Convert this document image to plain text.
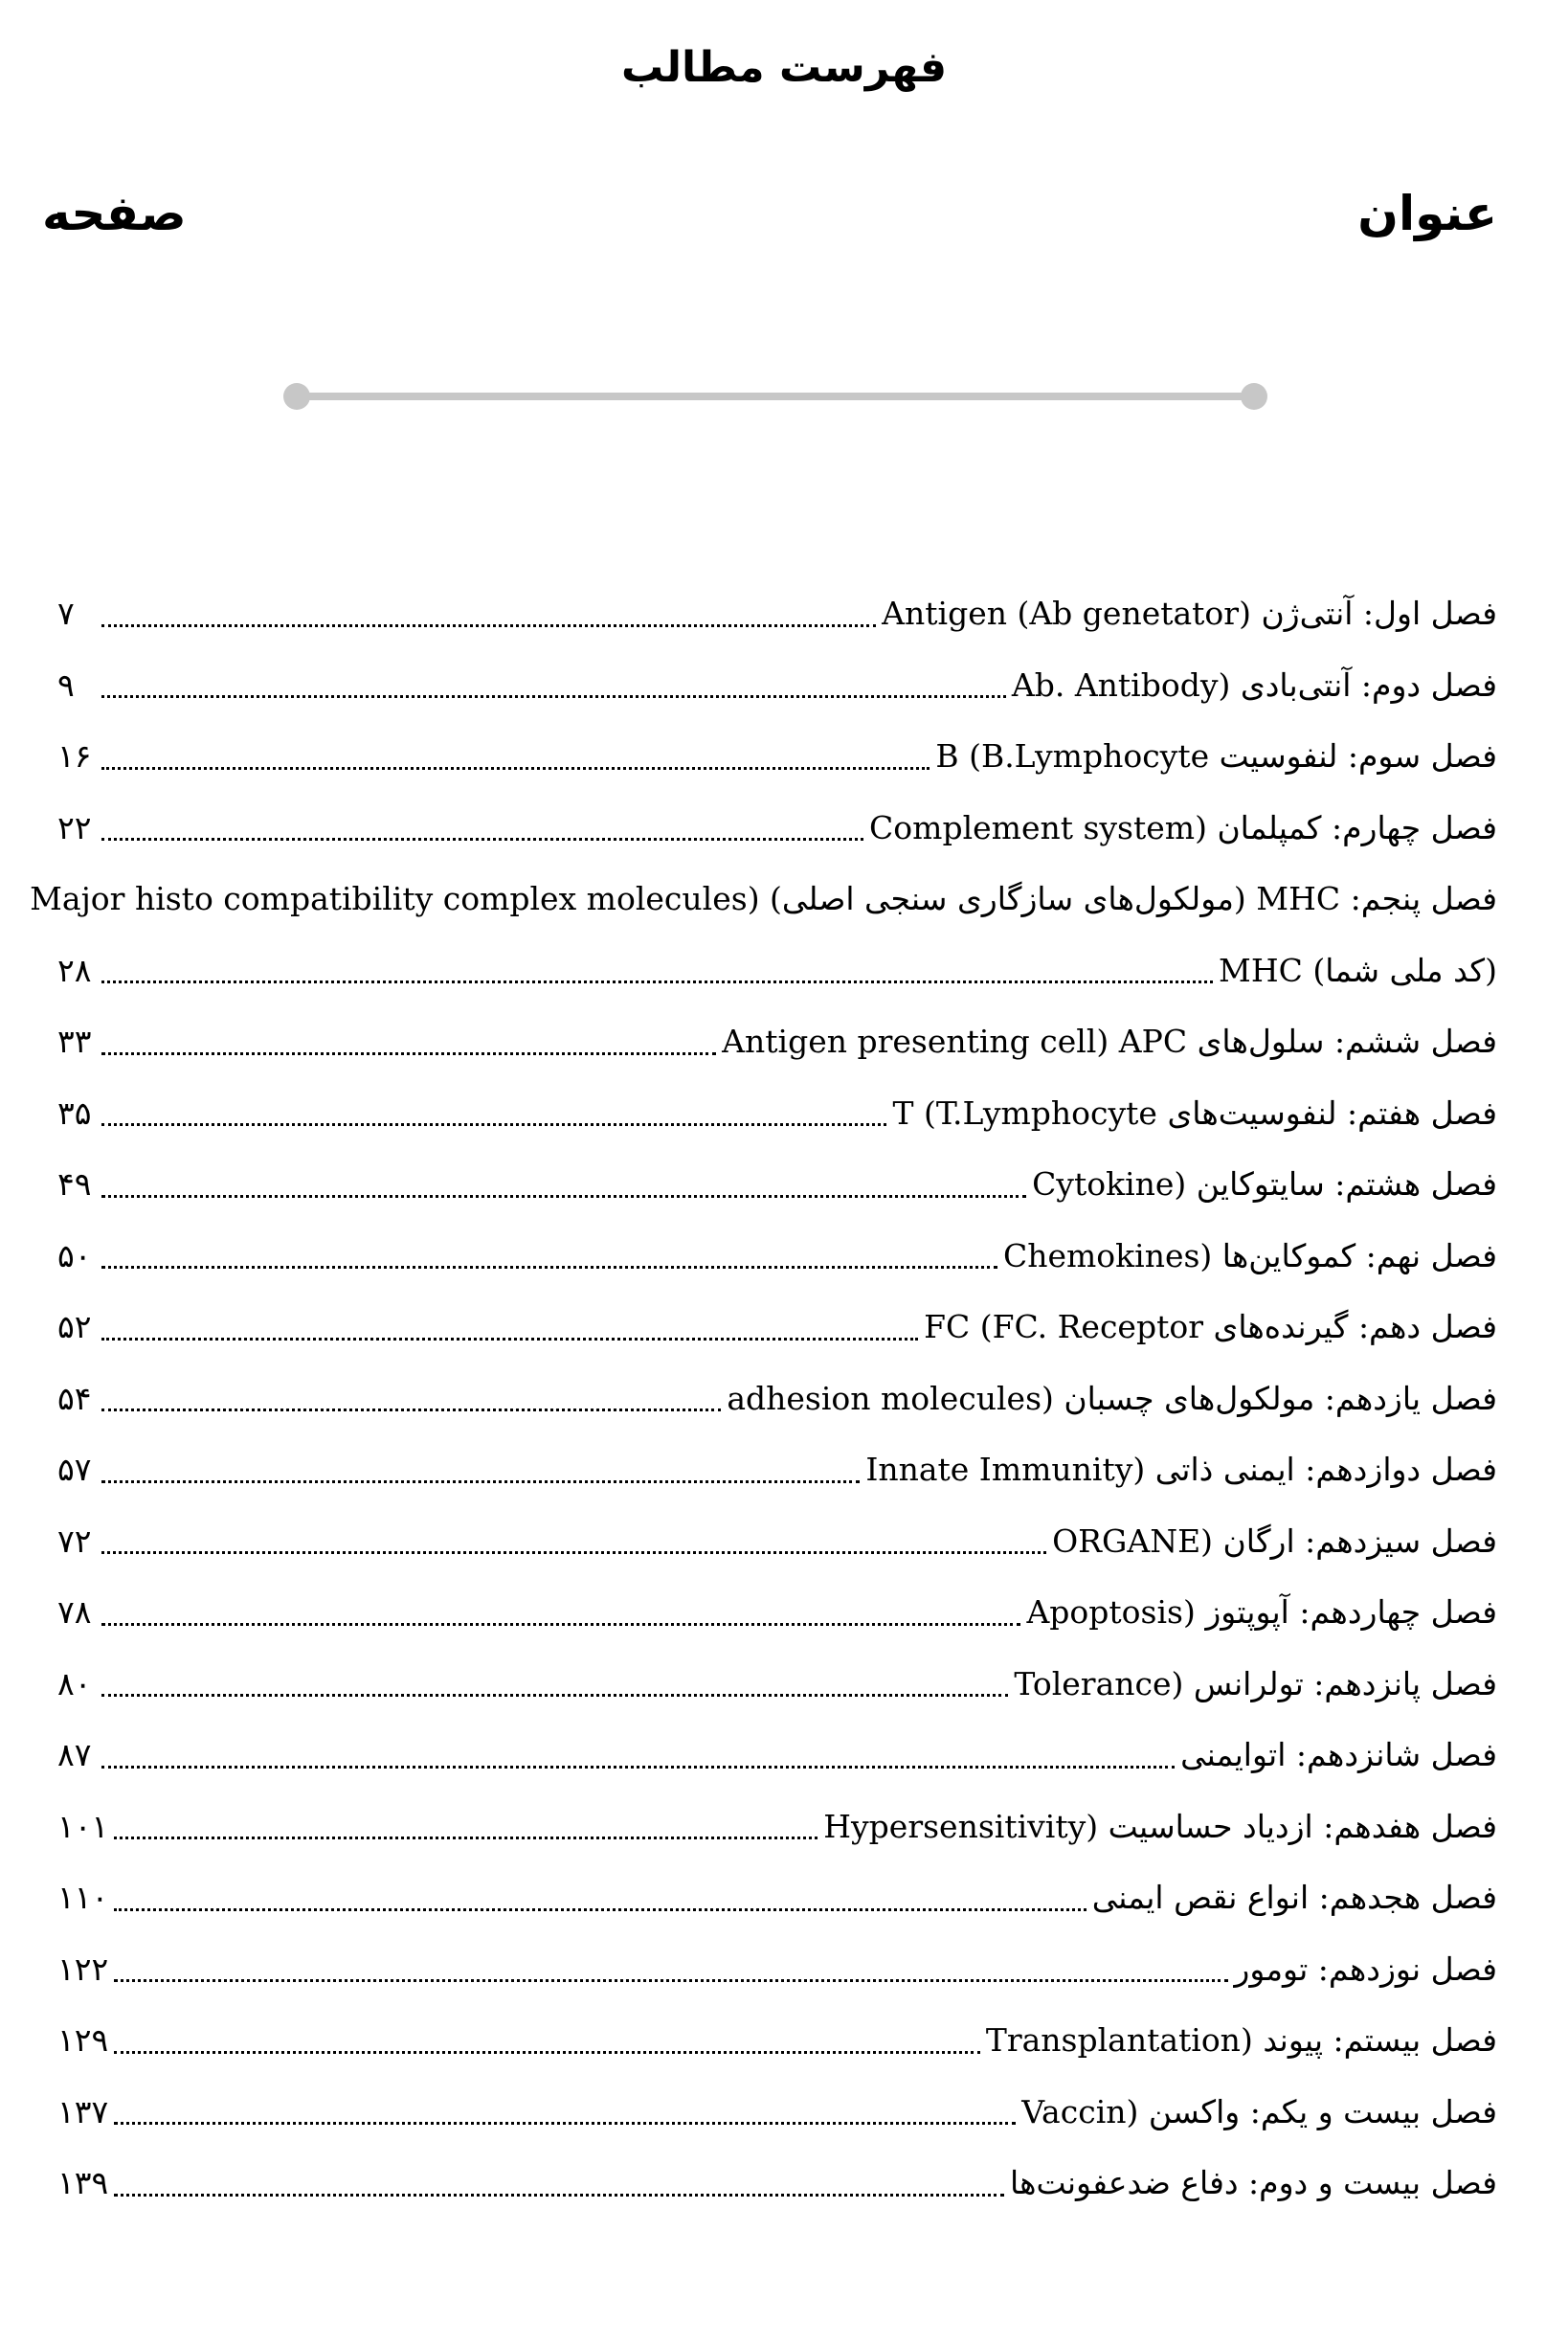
فهرست مطالب
عنوان
صفحه
فصل اول: آنتی‌ژن (Antigen (Ab genetator
۷
فصل دوم: آنتی‌بادی (Ab. Antibody
۹
فصل سوم: لنفوسیت B (B.Lymphocyte
۱۶
فصل چهارم: کمپلمان (Complement system
۲۲
فصل پنجم: MHC (مولکول‌های سازگاری سنجی اصلی) (Major histo compatibility complex molecules
MHC (کد ملی شما)
۲۸
فصل ششم: سلول‌های Antigen presenting cell) APC
۳۳
فصل هفتم: لنفوسیت‌های T (T.Lymphocyte
۳۵
فصل هشتم: سایتوکاین (Cytokine
۴۹
فصل نهم: کموکاین‌ها (Chemokines
۵۰
فصل دهم: گیرنده‌های FC (FC. Receptor
۵۲
فصل یازدهم: مولکول‌های چسبان (adhesion molecules
۵۴
فصل دوازدهم: ایمنی ذاتی (Innate Immunity
۵۷
فصل سیزدهم: ارگان (ORGANE
۷۲
فصل چهاردهم: آپوپتوز (Apoptosis
۷۸
فصل پانزدهم: تولرانس (Tolerance
۸۰
فصل شانزدهم: اتوایمنی
۸۷
فصل هفدهم: ازدیاد حساسیت (Hypersensitivity
۱۰۱
فصل هجدهم: انواع نقص ایمنی
۱۱۰
فصل نوزدهم: تومور
۱۲۲
فصل بیستم: پیوند (Transplantation
۱۲۹
فصل بیست و یکم: واکسن (Vaccin
۱۳۷
فصل بیست و دوم: دفاع ضدعفونت‌ها
۱۳۹
